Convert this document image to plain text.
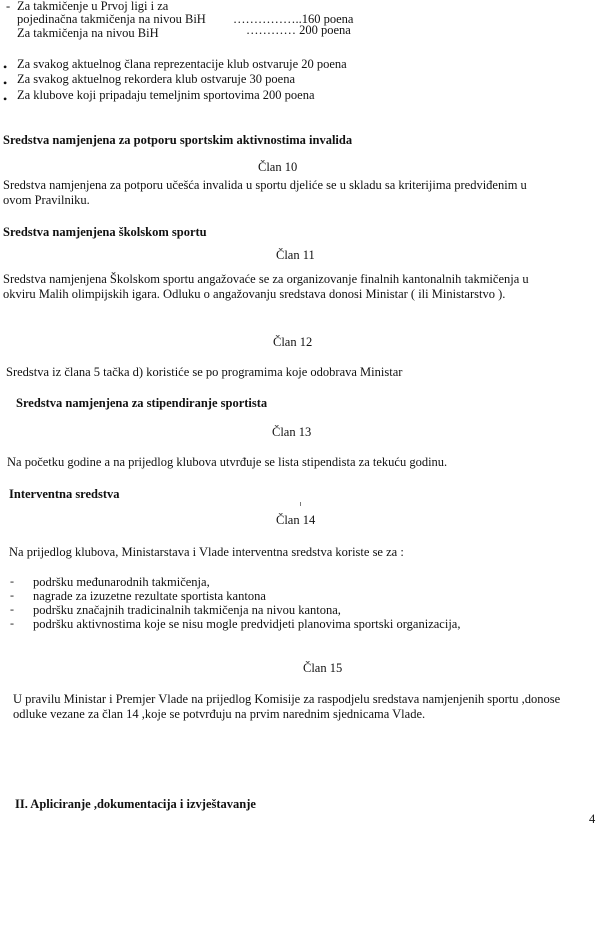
- Za takmičenje u Prvoj ligi i za
pojedinačna takmičenja na nivou BiH ……………..160 poena
Za takmičenja na nivou BiH	………… 200 poena
• Za svakog aktuelnog člana reprezentacije klub ostvaruje 20 poena
• Za svakog aktuelnog rekordera klub ostvaruje 30 poena
• Za klubove koji pripadaju temeljnim sportovima 200 poena
Sredstva namjenjena za potporu sportskim aktivnostima invalida
Član 10
Sredstva namjenjena za potporu učešća invalida u sportu djeliće se u skladu sa kriterijima predviđenim u
ovom Pravilniku.
Sredstva namjenjena školskom sportu
Član 11
Sredstva namjenjena Školskom sportu angažovaće se za organizovanje finalnih kantonalnih takmičenja u
okviru Malih olimpijskih igara. Odluku o angažovanju sredstava donosi Ministar ( ili Ministarstvo ).
Član 12
Sredstva iz člana 5 tačka d) koristiće se po programima koje odobrava Ministar
Sredstva namjenjena za stipendiranje sportista
Član 13
Na početku godine a na prijedlog klubova utvrđuje se lista stipendista za tekuću godinu.
Interventna sredstva
Član 14
Na prijedlog klubova, Ministarstava i Vlade interventna sredstva koriste se za :
- podršku međunarodnih takmičenja,
- nagrade za izuzetne rezultate sportista kantona
- podršku značajnih tradicinalnih takmičenja na nivou kantona,
- podršku aktivnostima koje se nisu mogle predvidjeti planovima sportski organizacija,
Član 15
U pravilu Ministar i Premjer Vlade na prijedlog Komisije za raspodjelu sredstava namjenjenih sportu ,donose
odluke vezane za član 14 ,koje se potvrđuju na prvim narednim sjednicama Vlade.
II. Apliciranje ,dokumentacija i izvještavanje
4
